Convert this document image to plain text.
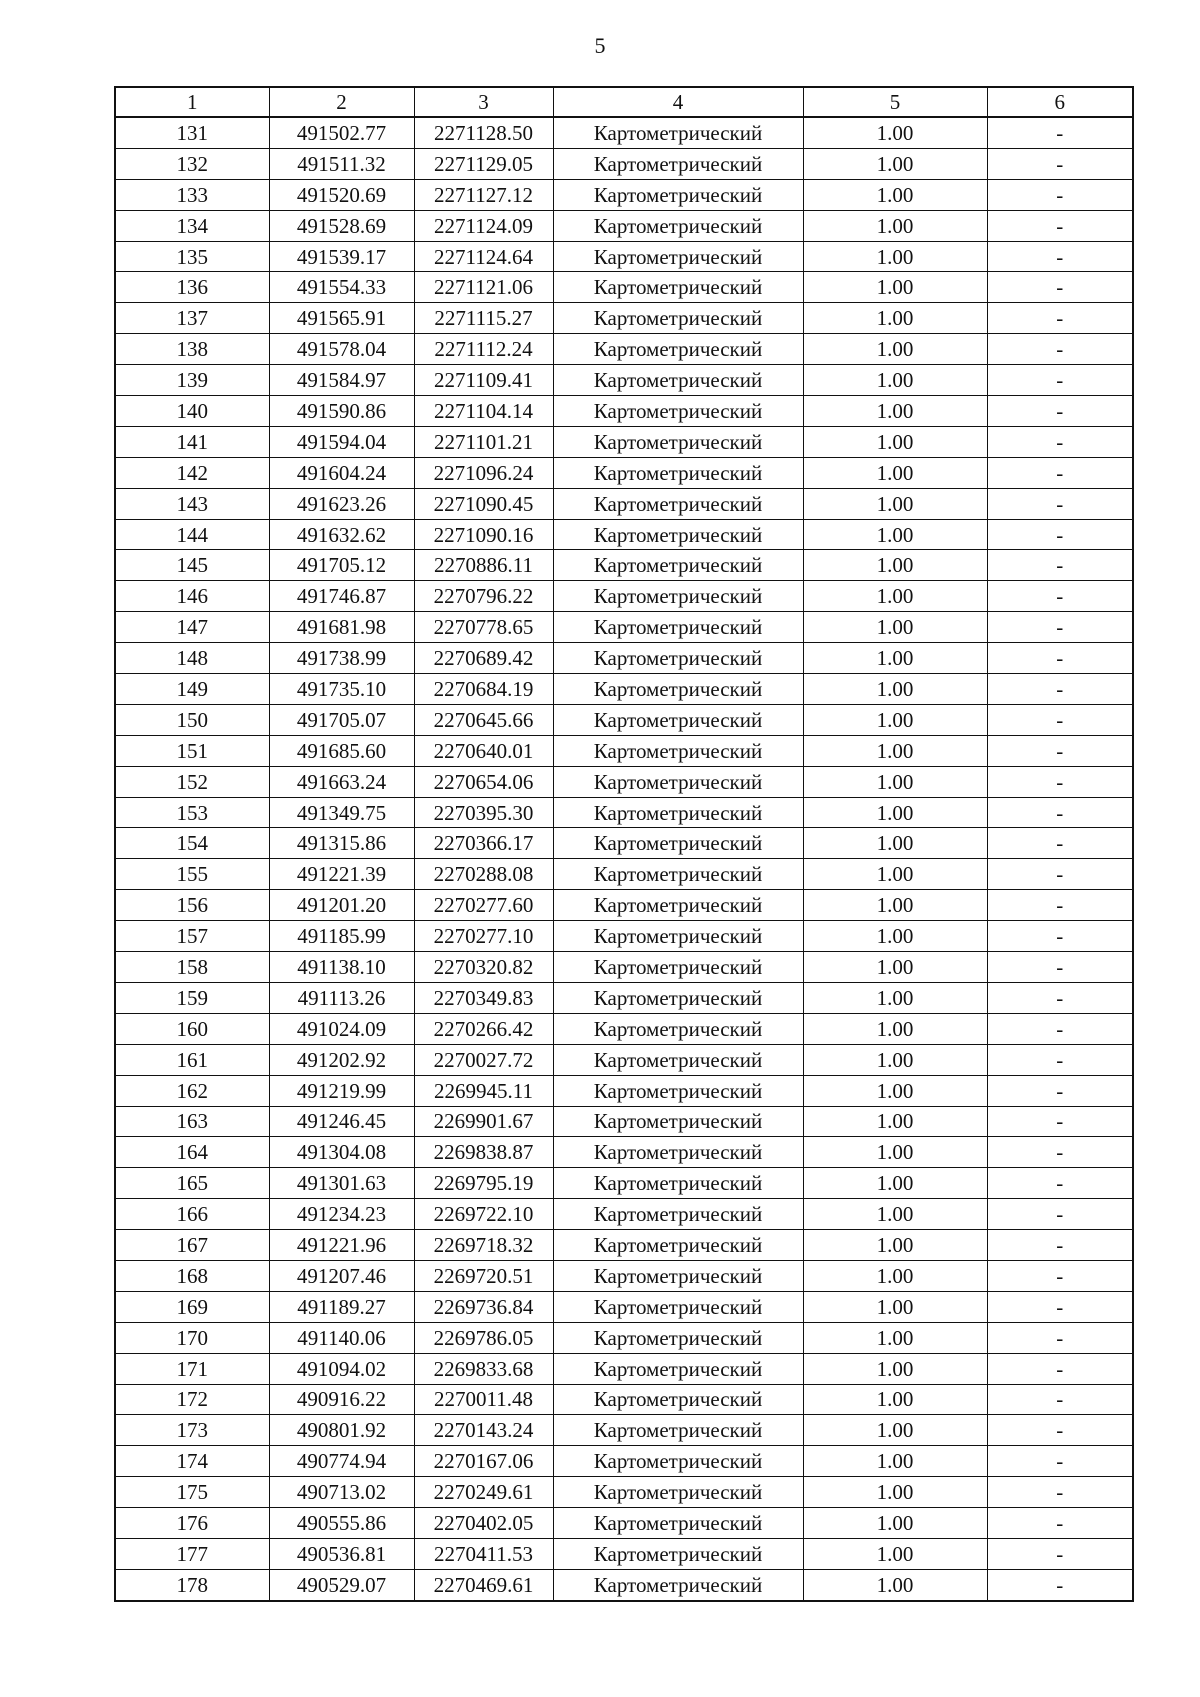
5
1	2	3	4	5	6
131	491502.77	2271128.50	Картометрический	1.00	-
132	491511.32	2271129.05	Картометрический	1.00	-
133	491520.69	2271127.12	Картометрический	1.00	-
134	491528.69	2271124.09	Картометрический	1.00	-
135	491539.17	2271124.64	Картометрический	1.00	-
136	491554.33	2271121.06	Картометрический	1.00	-
137	491565.91	2271115.27	Картометрический	1.00	-
138	491578.04	2271112.24	Картометрический	1.00	-
139	491584.97	2271109.41	Картометрический	1.00	-
140	491590.86	2271104.14	Картометрический	1.00	-
141	491594.04	2271101.21	Картометрический	1.00	-
142	491604.24	2271096.24	Картометрический	1.00	-
143	491623.26	2271090.45	Картометрический	1.00	-
144	491632.62	2271090.16	Картометрический	1.00	-
145	491705.12	2270886.11	Картометрический	1.00	-
146	491746.87	2270796.22	Картометрический	1.00	-
147	491681.98	2270778.65	Картометрический	1.00	-
148	491738.99	2270689.42	Картометрический	1.00	-
149	491735.10	2270684.19	Картометрический	1.00	-
150	491705.07	2270645.66	Картометрический	1.00	-
151	491685.60	2270640.01	Картометрический	1.00	-
152	491663.24	2270654.06	Картометрический	1.00	-
153	491349.75	2270395.30	Картометрический	1.00	-
154	491315.86	2270366.17	Картометрический	1.00	-
155	491221.39	2270288.08	Картометрический	1.00	-
156	491201.20	2270277.60	Картометрический	1.00	-
157	491185.99	2270277.10	Картометрический	1.00	-
158	491138.10	2270320.82	Картометрический	1.00	-
159	491113.26	2270349.83	Картометрический	1.00	-
160	491024.09	2270266.42	Картометрический	1.00	-
161	491202.92	2270027.72	Картометрический	1.00	-
162	491219.99	2269945.11	Картометрический	1.00	-
163	491246.45	2269901.67	Картометрический	1.00	-
164	491304.08	2269838.87	Картометрический	1.00	-
165	491301.63	2269795.19	Картометрический	1.00	-
166	491234.23	2269722.10	Картометрический	1.00	-
167	491221.96	2269718.32	Картометрический	1.00	-
168	491207.46	2269720.51	Картометрический	1.00	-
169	491189.27	2269736.84	Картометрический	1.00	-
170	491140.06	2269786.05	Картометрический	1.00	-
171	491094.02	2269833.68	Картометрический	1.00	-
172	490916.22	2270011.48	Картометрический	1.00	-
173	490801.92	2270143.24	Картометрический	1.00	-
174	490774.94	2270167.06	Картометрический	1.00	-
175	490713.02	2270249.61	Картометрический	1.00	-
176	490555.86	2270402.05	Картометрический	1.00	-
177	490536.81	2270411.53	Картометрический	1.00	-
178	490529.07	2270469.61	Картометрический	1.00	-
